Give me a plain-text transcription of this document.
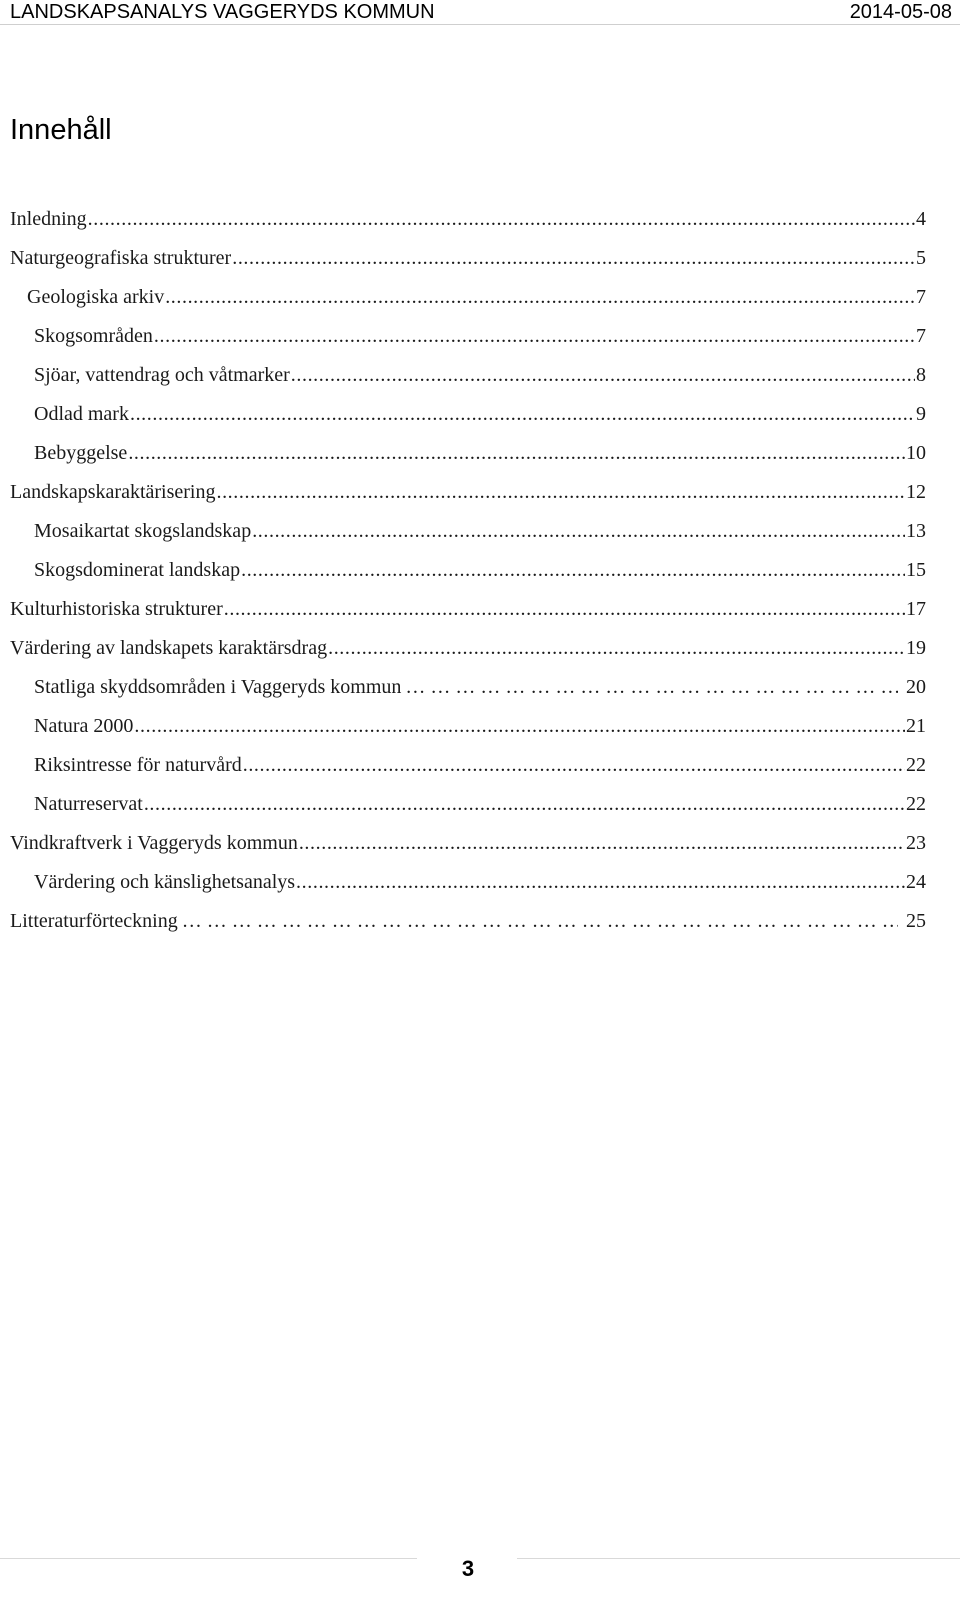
LANDSKAPSANALYS VAGGERYDS KOMMUN	2014-05-08
Innehåll
Inledning .....	4
Naturgeografiska strukturer .....	5
Geologiska arkiv .....	7
Skogsområden .....	7
Sjöar, vattendrag och våtmarker .....	8
Odlad mark .....	9
Bebyggelse .....	10
Landskapskaraktärisering .....	12
Mosaikartat skogslandskap .....	13
Skogsdominerat landskap .....	15
Kulturhistoriska strukturer .....	17
Värdering av landskapets karaktärsdrag .....	19
Statliga skyddsområden i Vaggeryds kommun …………………………………………………………………………………………………………………………………………………………………………………………	20
Natura 2000 .....	21
Riksintresse för naturvård .....	22
Naturreservat .....	22
Vindkraftverk i Vaggeryds kommun .....	23
Värdering och känslighetsanalys .....	24
Litteraturförteckning …………………………………………………………………………………………………………………………………………………………………………………………	25
3
